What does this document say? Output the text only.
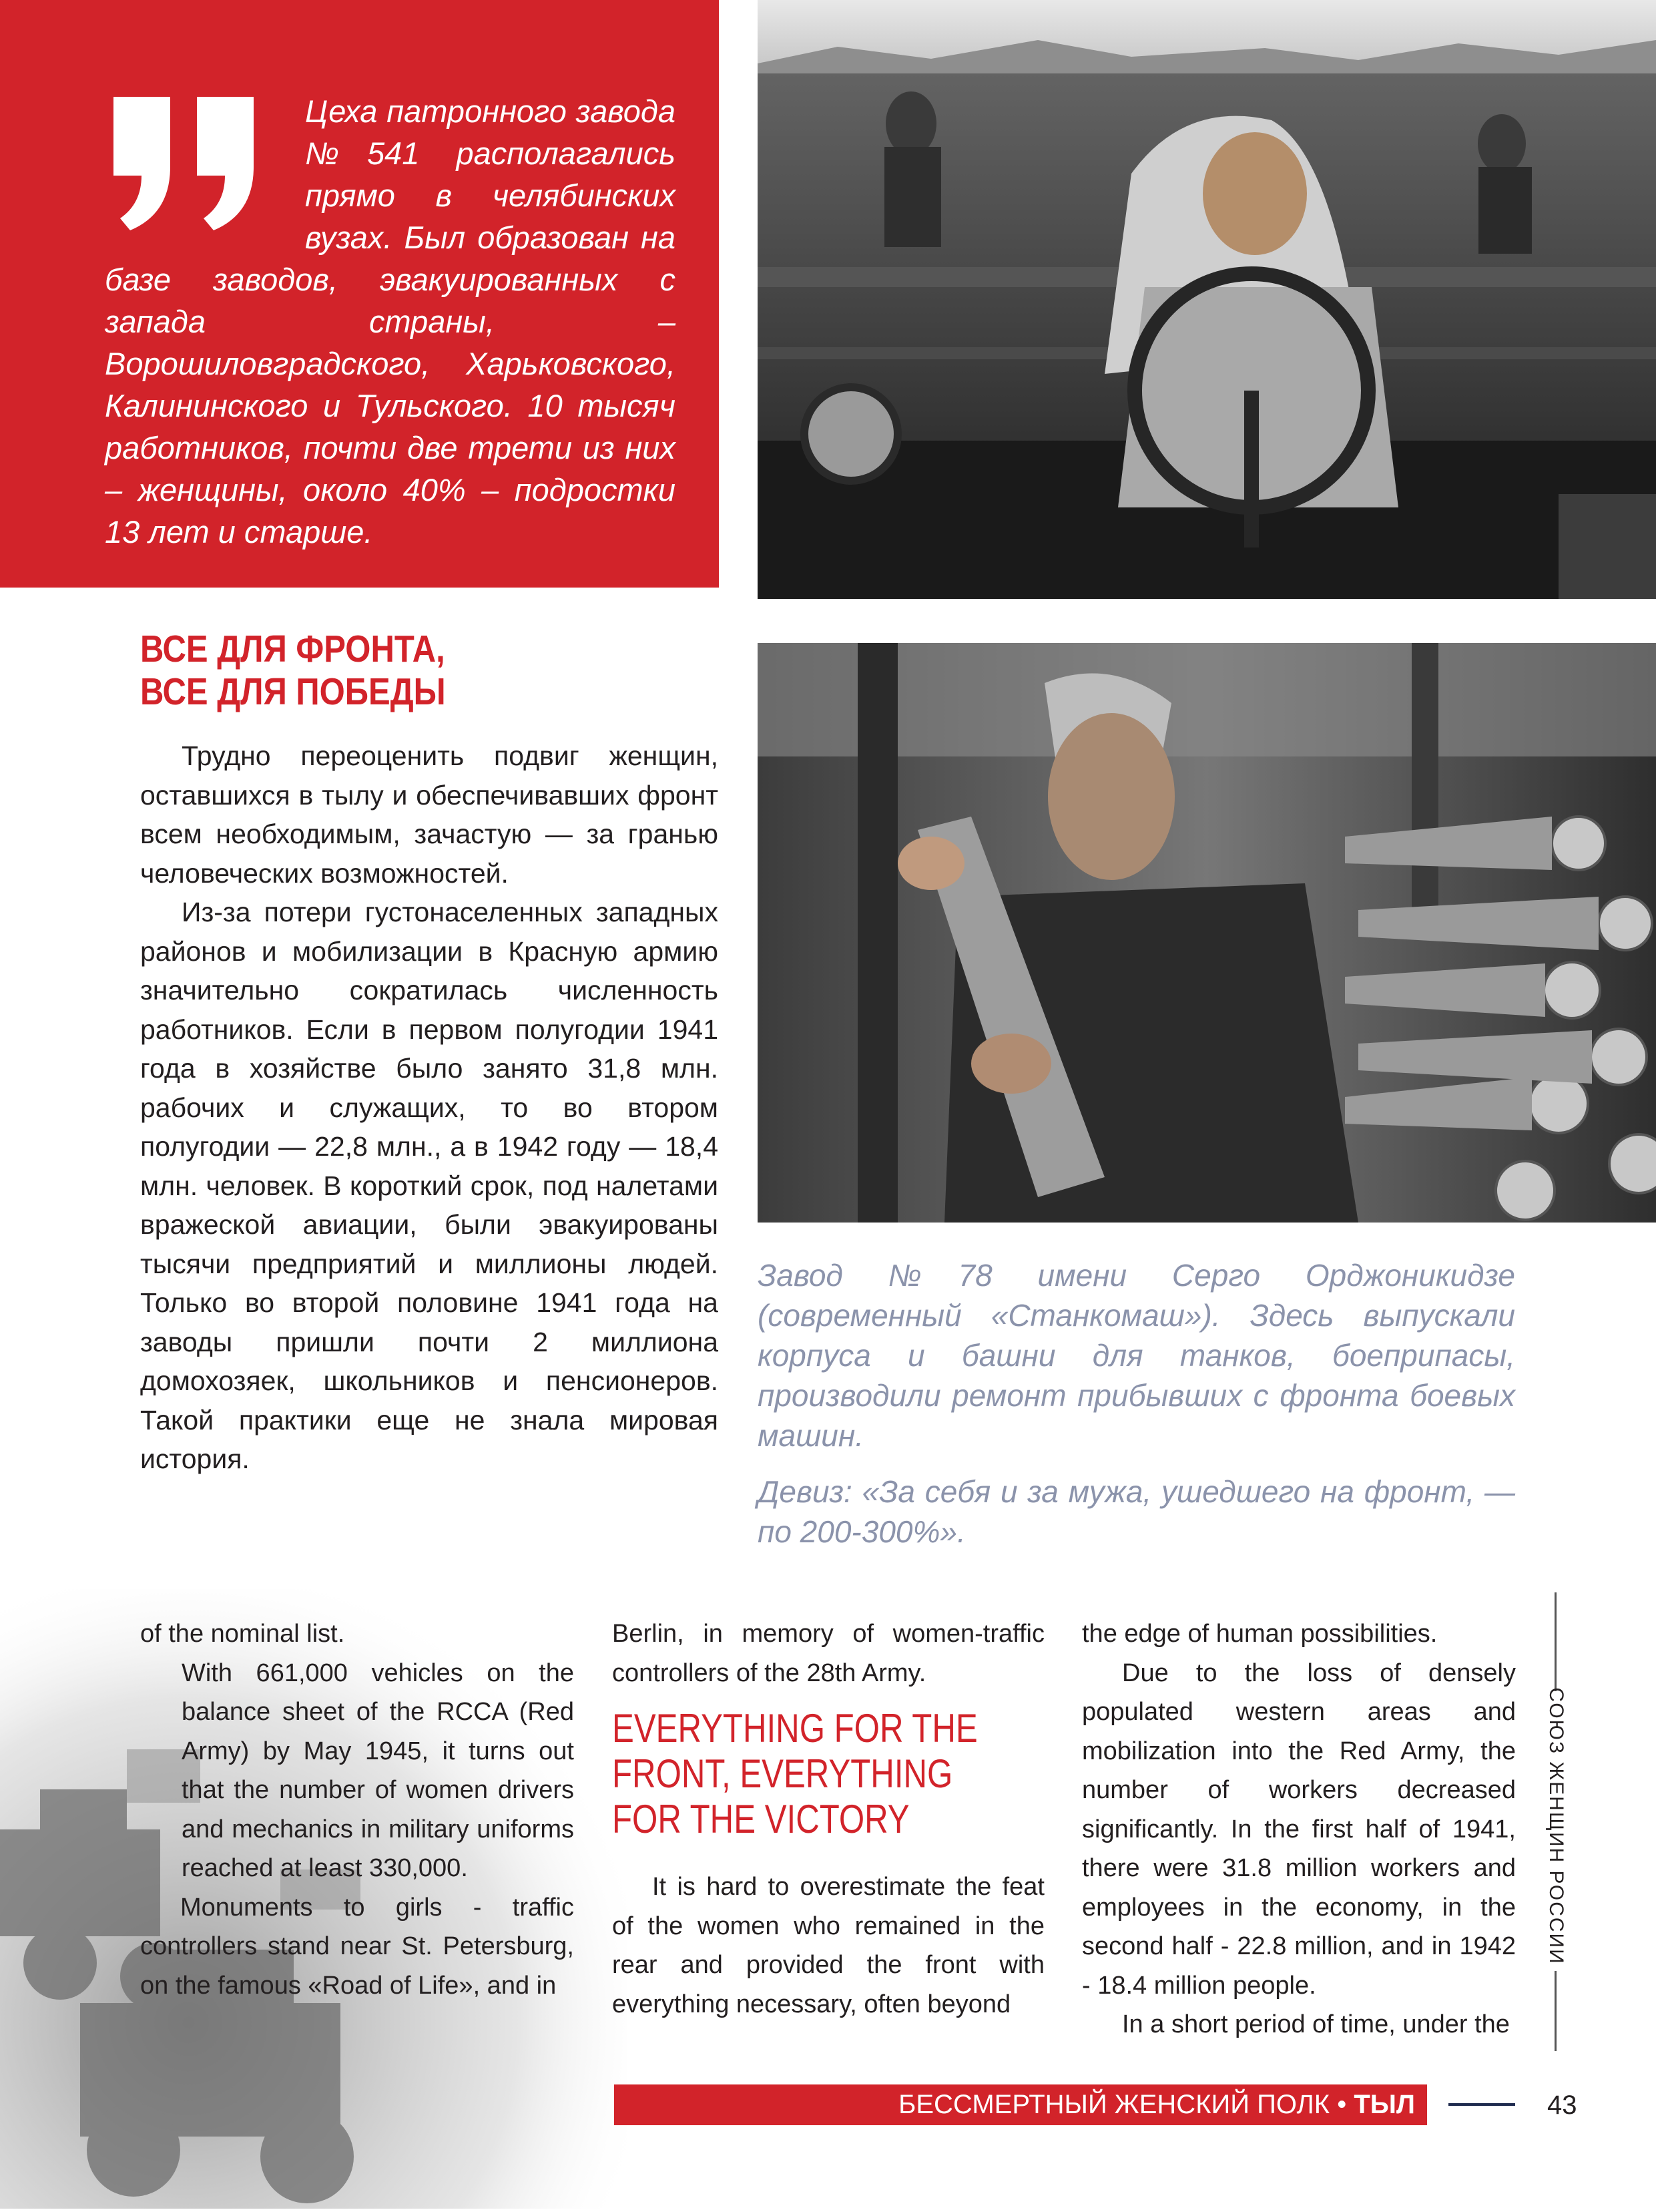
Цеха патронного завода №541 располагались прямо в челябинских вузах. Был образован на базе заводов, эвакуированных с запада страны, – Ворошиловградского, Харьковского, Калининского и Тульского. 10 тысяч работников, почти две трети из них – женщины, около 40% – подростки 13 лет и старше.
ВСЕ ДЛЯ ФРОНТА,
ВСЕ ДЛЯ ПОБЕДЫ

Трудно переоценить подвиг женщин, оставшихся в тылу и обеспечивавших фронт всем необходимым, зачастую — за гранью человеческих возможностей.

Из-за потери густонаселенных западных районов и мобилизации в Красную армию значительно сократилась численность работников. Если в первом полугодии 1941 года в хозяйстве было занято 31,8 млн. рабочих и служащих, то во втором полугодии — 22,8 млн., а в 1942 году — 18,4 млн. человек. В короткий срок, под налетами вражеской авиации, были эвакуированы тысячи предприятий и миллионы людей. Только во второй половине 1941 года на заводы пришли почти 2 миллиона домохозяек, школьников и пенсионеров. Такой практики еще не знала мировая история.

Завод №78 имени Серго Орджоникидзе (современный «Станкомаш»). Здесь выпускали корпуса и башни для танков, боеприпасы, производили ремонт прибывших с фронта боевых машин.

Девиз: «За себя и за мужа, ушедшего на фронт, — по 200-300%».

of the nominal list.

With 661,000 vehicles on the balance sheet of the RCCA (Red Army) by May 1945, it turns out that the number of women drivers and mechanics in military uniforms reached at least 330,000.

Monuments to girls - traffic controllers stand near St. Petersburg, on the famous «Road of Life», and in

Berlin, in memory of women-traffic controllers of the 28th Army.

EVERYTHING FOR THE
FRONT, EVERYTHING
FOR THE VICTORY

It is hard to overestimate the feat of the women who remained in the rear and provided the front with everything necessary, often beyond

the edge of human possibilities.

Due to the loss of densely populated western areas and mobilization into the Red Army, the number of workers decreased significantly. In the first half of 1941, there were 31.8 million workers and employees in the economy, in the second half - 22.8 million, and in 1942 - 18.4 million people.

In a short period of time, under the

СОЮЗ ЖЕНЩИН РОССИИ
БЕССМЕРТНЫЙ ЖЕНСКИЙ ПОЛК • ТЫЛ	43
